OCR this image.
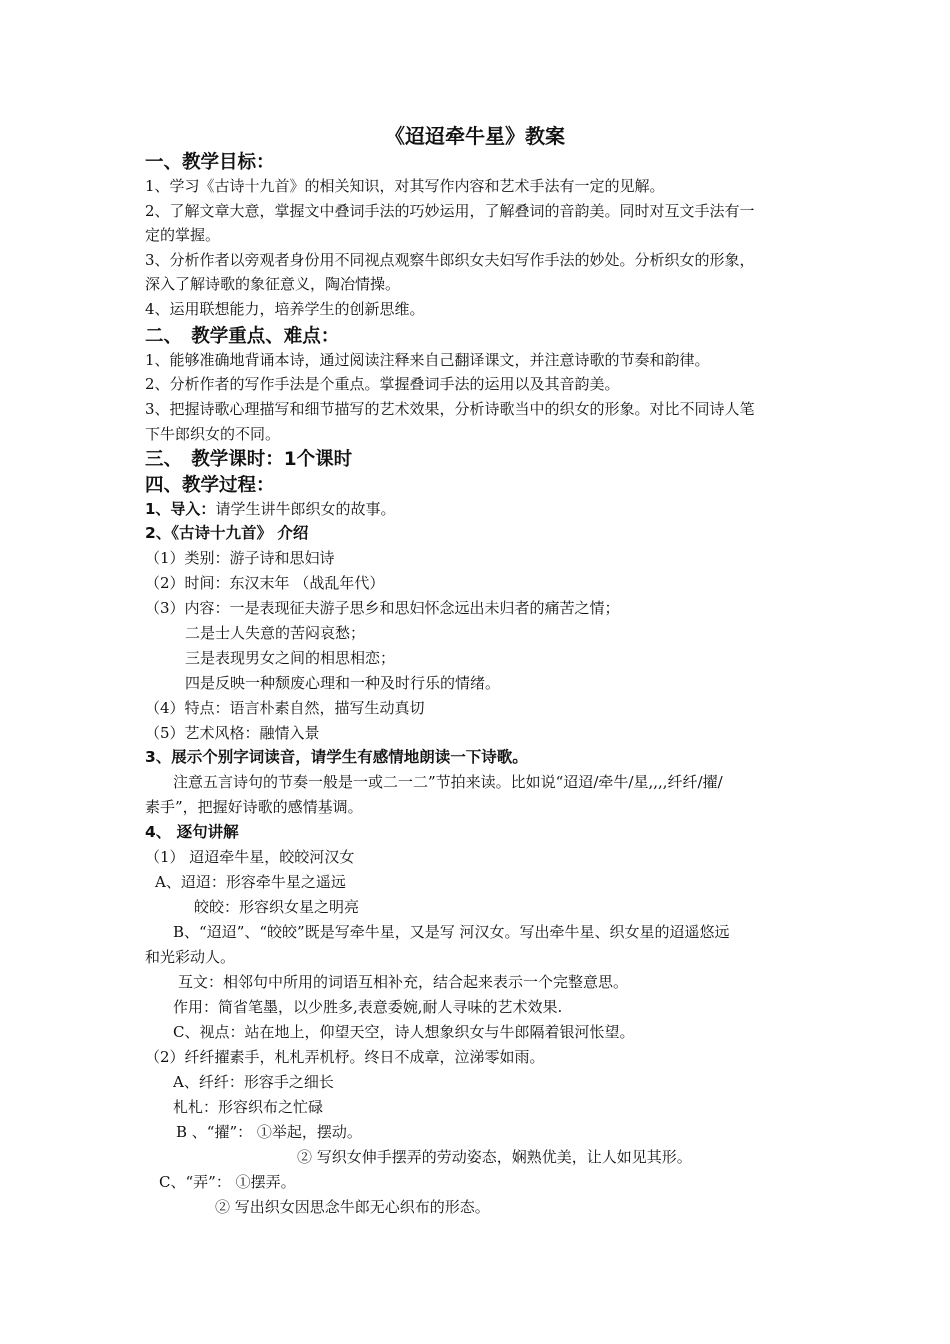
《迢迢牵牛星》教案
一、教学目标：
1、学习《古诗十九首》的相关知识，对其写作内容和艺术手法有一定的见解。
2、了解文章大意，掌握文中叠词手法的巧妙运用，了解叠词的音韵美。同时对互文手法有一
定的掌握。
3、分析作者以旁观者身份用不同视点观察牛郎织女夫妇写作手法的妙处。分析织女的形象，
深入了解诗歌的象征意义，陶冶情操。
4、运用联想能力，培养学生的创新思维。
二、　教学重点、难点：
1、能够准确地背诵本诗，通过阅读注释来自己翻译课文，并注意诗歌的节奏和韵律。
2、分析作者的写作手法是个重点。掌握叠词手法的运用以及其音韵美。
3、把握诗歌心理描写和细节描写的艺术效果，分析诗歌当中的织女的形象。对比不同诗人笔
下牛郎织女的不同。
三、　教学课时：1个课时
四、教学过程：
1、导入：请学生讲牛郎织女的故事。
2、《古诗十九首》 介绍
（1）类别：游子诗和思妇诗
（2）时间：东汉末年 （战乱年代）
（3）内容：一是表现征夫游子思乡和思妇怀念远出未归者的痛苦之情；
二是士人失意的苦闷哀愁；
三是表现男女之间的相思相恋；
四是反映一种颓废心理和一种及时行乐的情绪。
（4）特点：语言朴素自然，描写生动真切
（5）艺术风格：融情入景
3、展示个别字词读音，请学生有感情地朗读一下诗歌。
注意五言诗句的节奏一般是一或二一二”节拍来读。比如说“迢迢/牵牛/星,,,,纤纤/擢/
素手”，把握好诗歌的感情基调。
4、 逐句讲解
（1） 迢迢牵牛星，皎皎河汉女
A、迢迢：形容牵牛星之遥远
皎皎：形容织女星之明亮
B、“迢迢”、“皎皎”既是写牵牛星，又是写 河汉女。写出牵牛星、织女星的迢遥悠远
和光彩动人。
互文：相邻句中所用的词语互相补充，结合起来表示一个完整意思。
作用：简省笔墨，以少胜多,表意委婉,耐人寻味的艺术效果.
C、视点：站在地上，仰望天空，诗人想象织女与牛郎隔着银河怅望。
（2）纤纤擢素手，札札弄机杼。终日不成章，泣涕零如雨。
A、纤纤：形容手之细长
札札：形容织布之忙碌
B 、“擢”： ①举起，摆动。
② 写织女伸手摆弄的劳动姿态，娴熟优美，让人如见其形。
C、“弄”： ①摆弄。
② 写出织女因思念牛郎无心织布的形态。
